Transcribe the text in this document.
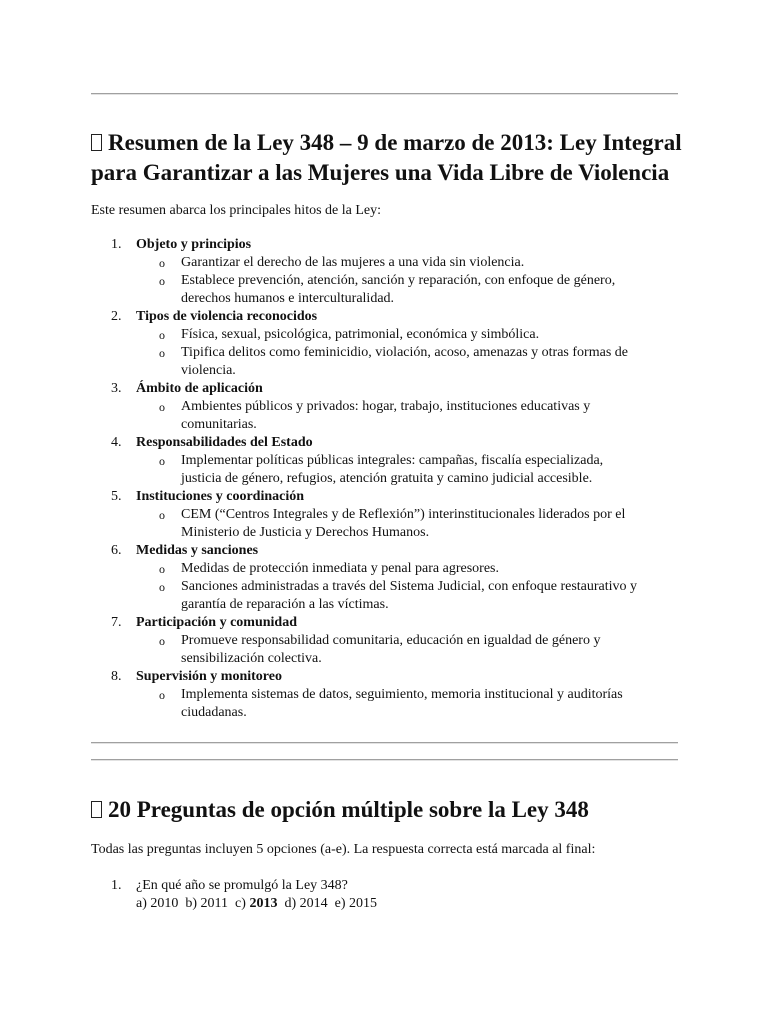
Resumen de la Ley 348 – 9 de marzo de 2013: Ley Integral
para Garantizar a las Mujeres una Vida Libre de Violencia

Este resumen abarca los principales hitos de la Ley:

1.	Objeto y principios
o Garantizar el derecho de las mujeres a una vida sin violencia.
o Establece prevención, atención, sanción y reparación, con enfoque de género,
derechos humanos e interculturalidad.
2.	Tipos de violencia reconocidos
o Física, sexual, psicológica, patrimonial, económica y simbólica.
o Tipifica delitos como feminicidio, violación, acoso, amenazas y otras formas de
violencia.
3.	Ámbito de aplicación
o Ambientes públicos y privados: hogar, trabajo, instituciones educativas y
comunitarias.
4.	Responsabilidades del Estado
o Implementar políticas públicas integrales: campañas, fiscalía especializada,
justicia de género, refugios, atención gratuita y camino judicial accesible.
5.	Instituciones y coordinación
o CEM (“Centros Integrales y de Reflexión”) interinstitucionales liderados por el
Ministerio de Justicia y Derechos Humanos.
6.	Medidas y sanciones
o Medidas de protección inmediata y penal para agresores.
o Sanciones administradas a través del Sistema Judicial, con enfoque restaurativo y
garantía de reparación a las víctimas.
7.	Participación y comunidad
o Promueve responsabilidad comunitaria, educación en igualdad de género y
sensibilización colectiva.
8.	Supervisión y monitoreo
o Implementa sistemas de datos, seguimiento, memoria institucional y auditorías
ciudadanas.
20 Preguntas de opción múltiple sobre la Ley 348

Todas las preguntas incluyen 5 opciones (a-e). La respuesta correcta está marcada al final:

1.	¿En qué año se promulgó la Ley 348?
a) 2010 b) 2011 c) 2013 d) 2014 e) 2015
